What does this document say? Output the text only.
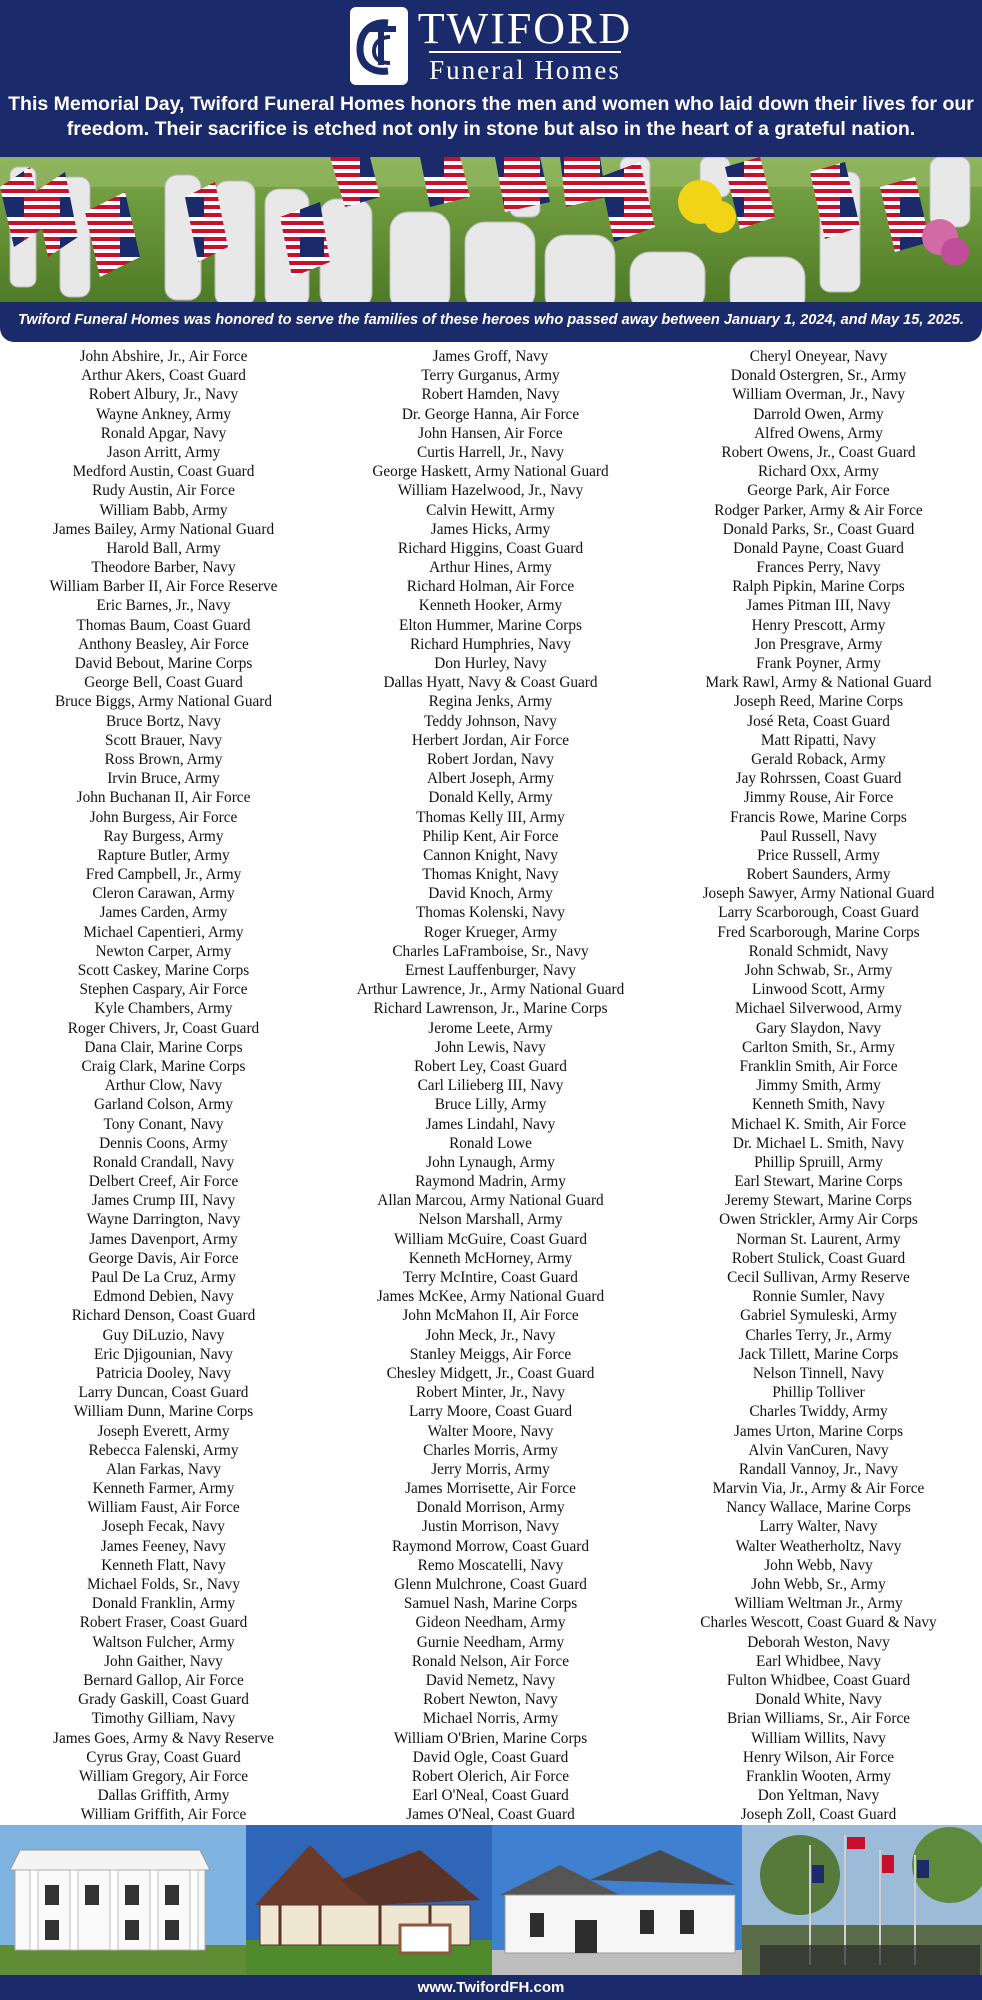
TWIFORD
Funeral Homes
This Memorial Day, Twiford Funeral Homes honors the men and women who laid down their lives for our freedom. Their sacrifice is etched not only in stone but also in the heart of a grateful nation.
Twiford Funeral Homes was honored to serve the families of these heroes who passed away between January 1, 2024, and May 15, 2025.
John Abshire, Jr., Air Force
Arthur Akers, Coast Guard
Robert Albury, Jr., Navy
Wayne Ankney, Army
Ronald Apgar, Navy
Jason Arritt, Army
Medford Austin, Coast Guard
Rudy Austin, Air Force
William Babb, Army
James Bailey, Army National Guard
Harold Ball, Army
Theodore Barber, Navy
William Barber II, Air Force Reserve
Eric Barnes, Jr., Navy
Thomas Baum, Coast Guard
Anthony Beasley, Air Force
David Bebout, Marine Corps
George Bell, Coast Guard
Bruce Biggs, Army National Guard
Bruce Bortz, Navy
Scott Brauer, Navy
Ross Brown, Army
Irvin Bruce, Army
John Buchanan II, Air Force
John Burgess, Air Force
Ray Burgess, Army
Rapture Butler, Army
Fred Campbell, Jr., Army
Cleron Carawan, Army
James Carden, Army
Michael Capentieri, Army
Newton Carper, Army
Scott Caskey, Marine Corps
Stephen Caspary, Air Force
Kyle Chambers, Army
Roger Chivers, Jr, Coast Guard
Dana Clair, Marine Corps
Craig Clark, Marine Corps
Arthur Clow, Navy
Garland Colson, Army
Tony Conant, Navy
Dennis Coons, Army
Ronald Crandall, Navy
Delbert Creef, Air Force
James Crump III, Navy
Wayne Darrington, Navy
James Davenport, Army
George Davis, Air Force
Paul De La Cruz, Army
Edmond Debien, Navy
Richard Denson, Coast Guard
Guy DiLuzio, Navy
Eric Djigounian, Navy
Patricia Dooley, Navy
Larry Duncan, Coast Guard
William Dunn, Marine Corps
Joseph Everett, Army
Rebecca Falenski, Army
Alan Farkas, Navy
Kenneth Farmer, Army
William Faust, Air Force
Joseph Fecak, Navy
James Feeney, Navy
Kenneth Flatt, Navy
Michael Folds, Sr., Navy
Donald Franklin, Army
Robert Fraser, Coast Guard
Waltson Fulcher, Army
John Gaither, Navy
Bernard Gallop, Air Force
Grady Gaskill, Coast Guard
Timothy Gilliam, Navy
James Goes, Army & Navy Reserve
Cyrus Gray, Coast Guard
William Gregory, Air Force
Dallas Griffith, Army
William Griffith, Air Force
James Groff, Navy
Terry Gurganus, Army
Robert Hamden, Navy
Dr. George Hanna, Air Force
John Hansen, Air Force
Curtis Harrell, Jr., Navy
George Haskett, Army National Guard
William Hazelwood, Jr., Navy
Calvin Hewitt, Army
James Hicks, Army
Richard Higgins, Coast Guard
Arthur Hines, Army
Richard Holman, Air Force
Kenneth Hooker, Army
Elton Hummer, Marine Corps
Richard Humphries, Navy
Don Hurley, Navy
Dallas Hyatt, Navy & Coast Guard
Regina Jenks, Army
Teddy Johnson, Navy
Herbert Jordan, Air Force
Robert Jordan, Navy
Albert Joseph, Army
Donald Kelly, Army
Thomas Kelly III, Army
Philip Kent, Air Force
Cannon Knight, Navy
Thomas Knight, Navy
David Knoch, Army
Thomas Kolenski, Navy
Roger Krueger, Army
Charles LaFramboise, Sr., Navy
Ernest Lauffenburger, Navy
Arthur Lawrence, Jr., Army National Guard
Richard Lawrenson, Jr., Marine Corps
Jerome Leete, Army
John Lewis, Navy
Robert Ley, Coast Guard
Carl Lilieberg III, Navy
Bruce Lilly, Army
James Lindahl, Navy
Ronald Lowe
John Lynaugh, Army
Raymond Madrin, Army
Allan Marcou, Army National Guard
Nelson Marshall, Army
William McGuire, Coast Guard
Kenneth McHorney, Army
Terry McIntire, Coast Guard
James McKee, Army National Guard
John McMahon II, Air Force
John Meck, Jr., Navy
Stanley Meiggs, Air Force
Chesley Midgett, Jr., Coast Guard
Robert Minter, Jr., Navy
Larry Moore, Coast Guard
Walter Moore, Navy
Charles Morris, Army
Jerry Morris, Army
James Morrisette, Air Force
Donald Morrison, Army
Justin Morrison, Navy
Raymond Morrow, Coast Guard
Remo Moscatelli, Navy
Glenn Mulchrone, Coast Guard
Samuel Nash, Marine Corps
Gideon Needham, Army
Gurnie Needham, Army
Ronald Nelson, Air Force
David Nemetz, Navy
Robert Newton, Navy
Michael Norris, Army
William O'Brien, Marine Corps
David Ogle, Coast Guard
Robert Olerich, Air Force
Earl O'Neal, Coast Guard
James O'Neal, Coast Guard
Cheryl Oneyear, Navy
Donald Ostergren, Sr., Army
William Overman, Jr., Navy
Darrold Owen, Army
Alfred Owens, Army
Robert Owens, Jr., Coast Guard
Richard Oxx, Army
George Park, Air Force
Rodger Parker, Army & Air Force
Donald Parks, Sr., Coast Guard
Donald Payne, Coast Guard
Frances Perry, Navy
Ralph Pipkin, Marine Corps
James Pitman III, Navy
Henry Prescott, Army
Jon Presgrave, Army
Frank Poyner, Army
Mark Rawl, Army & National Guard
Joseph Reed, Marine Corps
José Reta, Coast Guard
Matt Ripatti, Navy
Gerald Roback, Army
Jay Rohrssen, Coast Guard
Jimmy Rouse, Air Force
Francis Rowe, Marine Corps
Paul Russell, Navy
Price Russell, Army
Robert Saunders, Army
Joseph Sawyer, Army National Guard
Larry Scarborough, Coast Guard
Fred Scarborough, Marine Corps
Ronald Schmidt, Navy
John Schwab, Sr., Army
Linwood Scott, Army
Michael Silverwood, Army
Gary Slaydon, Navy
Carlton Smith, Sr., Army
Franklin Smith, Air Force
Jimmy Smith, Army
Kenneth Smith, Navy
Michael K. Smith, Air Force
Dr. Michael L. Smith, Navy
Phillip Spruill, Army
Earl Stewart, Marine Corps
Jeremy Stewart, Marine Corps
Owen Strickler, Army Air Corps
Norman St. Laurent, Army
Robert Stulick, Coast Guard
Cecil Sullivan, Army Reserve
Ronnie Sumler, Navy
Gabriel Symuleski, Army
Charles Terry, Jr., Army
Jack Tillett, Marine Corps
Nelson Tinnell, Navy
Phillip Tolliver
Charles Twiddy, Army
James Urton, Marine Corps
Alvin VanCuren, Navy
Randall Vannoy, Jr., Navy
Marvin Via, Jr., Army & Air Force
Nancy Wallace, Marine Corps
Larry Walter, Navy
Walter Weatherholtz, Navy
John Webb, Navy
John Webb, Sr., Army
William Weltman Jr., Army
Charles Wescott, Coast Guard & Navy
Deborah Weston, Navy
Earl Whidbee, Navy
Fulton Whidbee, Coast Guard
Donald White, Navy
Brian Williams, Sr., Air Force
William Willits, Navy
Henry Wilson, Air Force
Franklin Wooten, Army
Don Yeltman, Navy
Joseph Zoll, Coast Guard
www.TwifordFH.com
